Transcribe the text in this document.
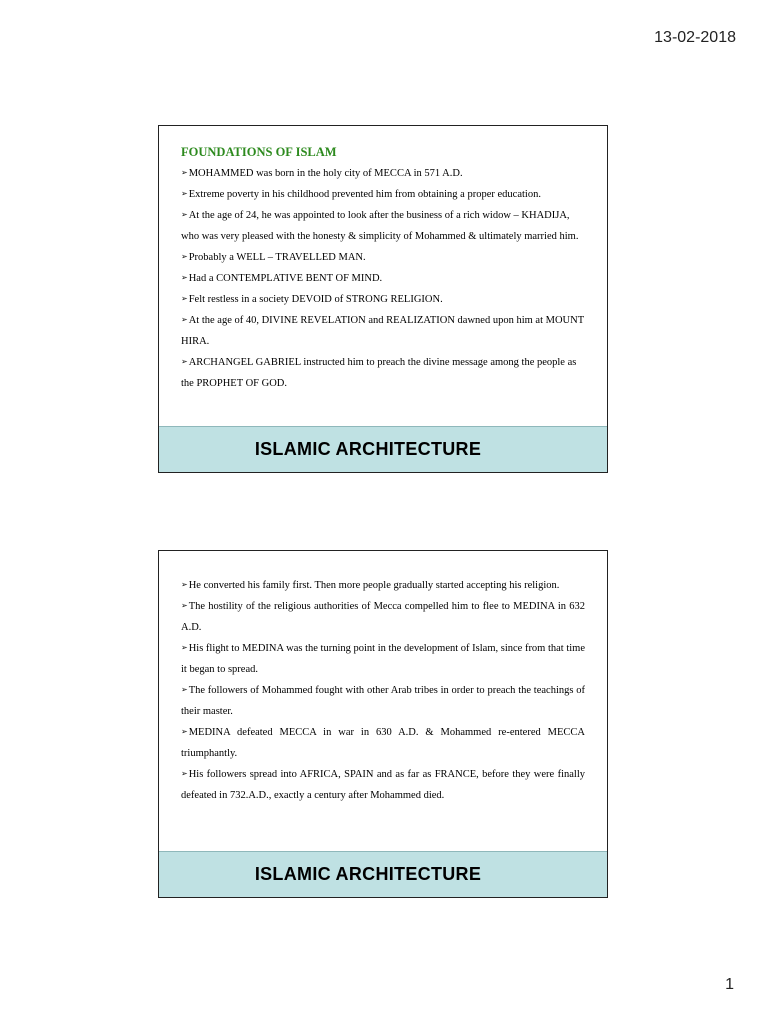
13-02-2018
FOUNDATIONS OF ISLAM

➢MOHAMMED was born in the holy city of MECCA in 571 A.D.

➢Extreme poverty in his childhood prevented him from obtaining a proper education.

➢At the age of 24, he was appointed to look after the business of a rich widow – KHADIJA, who was very pleased with the honesty & simplicity of Mohammed & ultimately married him.

➢Probably a WELL – TRAVELLED MAN.

➢Had a CONTEMPLATIVE BENT OF MIND.

➢Felt restless in a society DEVOID of STRONG RELIGION.

➢At the age of 40, DIVINE REVELATION and REALIZATION dawned upon him at MOUNT HIRA.

➢ARCHANGEL GABRIEL instructed him to preach the divine message among the people as the PROPHET OF GOD.

ISLAMIC ARCHITECTURE

➢He converted his family first. Then more people gradually started accepting his religion.

➢The hostility of the religious authorities of Mecca compelled him to flee to MEDINA in 632 A.D.

➢His flight to MEDINA was the turning point in the development of Islam, since from that time it began to spread.

➢The followers of Mohammed fought with other Arab tribes in order to preach the teachings of their master.

➢MEDINA defeated MECCA in war in 630 A.D. & Mohammed re-entered MECCA triumphantly.

➢His followers spread into AFRICA, SPAIN and as far as FRANCE, before they were finally defeated in 732.A.D., exactly a century after Mohammed died.

ISLAMIC ARCHITECTURE
1
